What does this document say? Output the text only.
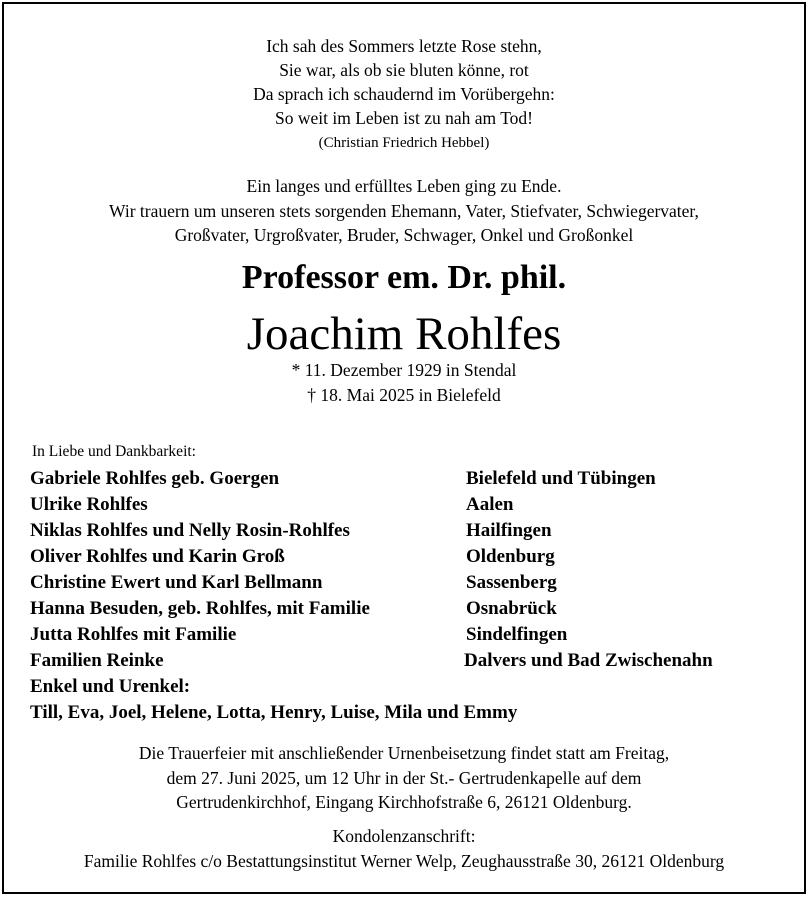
Ich sah des Sommers letzte Rose stehn,
Sie war, als ob sie bluten könne, rot
Da sprach ich schaudernd im Vorübergehn:
So weit im Leben ist zu nah am Tod!
(Christian Friedrich Hebbel)
Ein langes und erfülltes Leben ging zu Ende.
Wir trauern um unseren stets sorgenden Ehemann, Vater, Stiefvater, Schwiegervater,
Großvater, Urgroßvater, Bruder, Schwager, Onkel und Großonkel
Professor em. Dr. phil.
Joachim Rohlfes
* 11. Dezember 1929 in Stendal
† 18. Mai 2025 in Bielefeld
In Liebe und Dankbarkeit:
Gabriele Rohlfes geb. Goergen	Bielefeld und Tübingen
Ulrike Rohlfes	Aalen
Niklas Rohlfes und Nelly Rosin-Rohlfes	Hailfingen
Oliver Rohlfes und Karin Groß	Oldenburg
Christine Ewert und Karl Bellmann	Sassenberg
Hanna Besuden, geb. Rohlfes, mit Familie	Osnabrück
Jutta Rohlfes mit Familie	Sindelfingen
Familien Reinke	Dalvers und Bad Zwischenahn
Enkel und Urenkel:
Till, Eva, Joel, Helene, Lotta, Henry, Luise, Mila und Emmy
Die Trauerfeier mit anschließender Urnenbeisetzung findet statt am Freitag,
dem 27. Juni 2025, um 12 Uhr in der St.- Gertrudenkapelle auf dem
Gertrudenkirchhof, Eingang Kirchhofstraße 6, 26121 Oldenburg.
Kondolenzanschrift:
Familie Rohlfes c/o Bestattungsinstitut Werner Welp, Zeughausstraße 30, 26121 Oldenburg
